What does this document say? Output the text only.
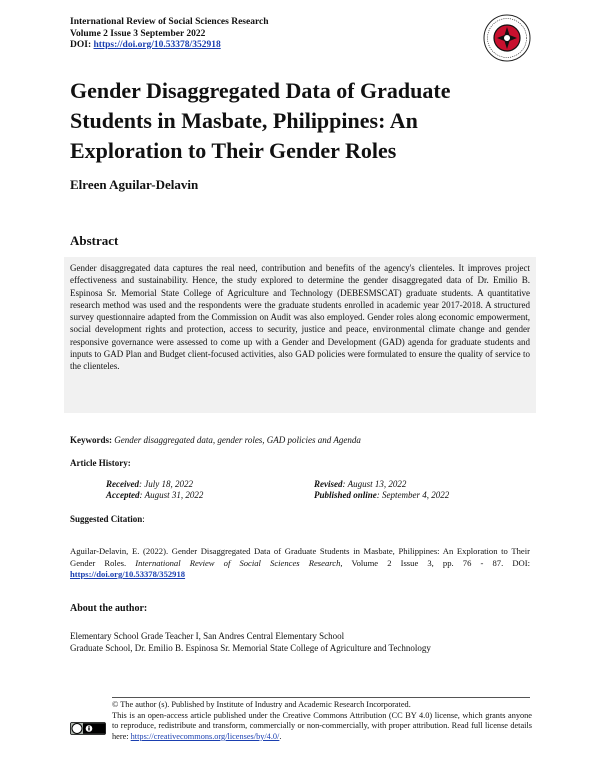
International Review of Social Sciences Research
Volume 2 Issue 3 September 2022
DOI: https://doi.org/10.53378/352918
Gender Disaggregated Data of Graduate Students in Masbate, Philippines: An Exploration to Their Gender Roles
Elreen Aguilar-Delavin
Abstract
Gender disaggregated data captures the real need, contribution and benefits of the agency's clienteles. It improves project effectiveness and sustainability. Hence, the study explored to determine the gender disaggregated data of Dr. Emilio B. Espinosa Sr. Memorial State College of Agriculture and Technology (DEBESMSCAT) graduate students. A quantitative research method was used and the respondents were the graduate students enrolled in academic year 2017-2018. A structured survey questionnaire adapted from the Commission on Audit was also employed. Gender roles along economic empowerment, social development rights and protection, access to security, justice and peace, environmental climate change and gender responsive governance were assessed to come up with a Gender and Development (GAD) agenda for graduate students and inputs to GAD Plan and Budget client-focused activities, also GAD policies were formulated to ensure the quality of service to the clienteles.
Keywords: Gender disaggregated data, gender roles, GAD policies and Agenda
Article History:
Received: July 18, 2022	Revised: August 13, 2022
Accepted: August 31, 2022	Published online: September 4, 2022
Suggested Citation:
Aguilar-Delavin, E. (2022). Gender Disaggregated Data of Graduate Students in Masbate, Philippines: An Exploration to Their Gender Roles. International Review of Social Sciences Research, Volume 2 Issue 3, pp. 76 - 87. DOI: https://doi.org/10.53378/352918
About the author:
Elementary School Grade Teacher I, San Andres Central Elementary School
Graduate School, Dr. Emilio B. Espinosa Sr. Memorial State College of Agriculture and Technology
© The author (s). Published by Institute of Industry and Academic Research Incorporated.
This is an open-access article published under the Creative Commons Attribution (CC BY 4.0) license, which grants anyone to reproduce, redistribute and transform, commercially or non-commercially, with proper attribution. Read full license details here: https://creativecommons.org/licenses/by/4.0/.
